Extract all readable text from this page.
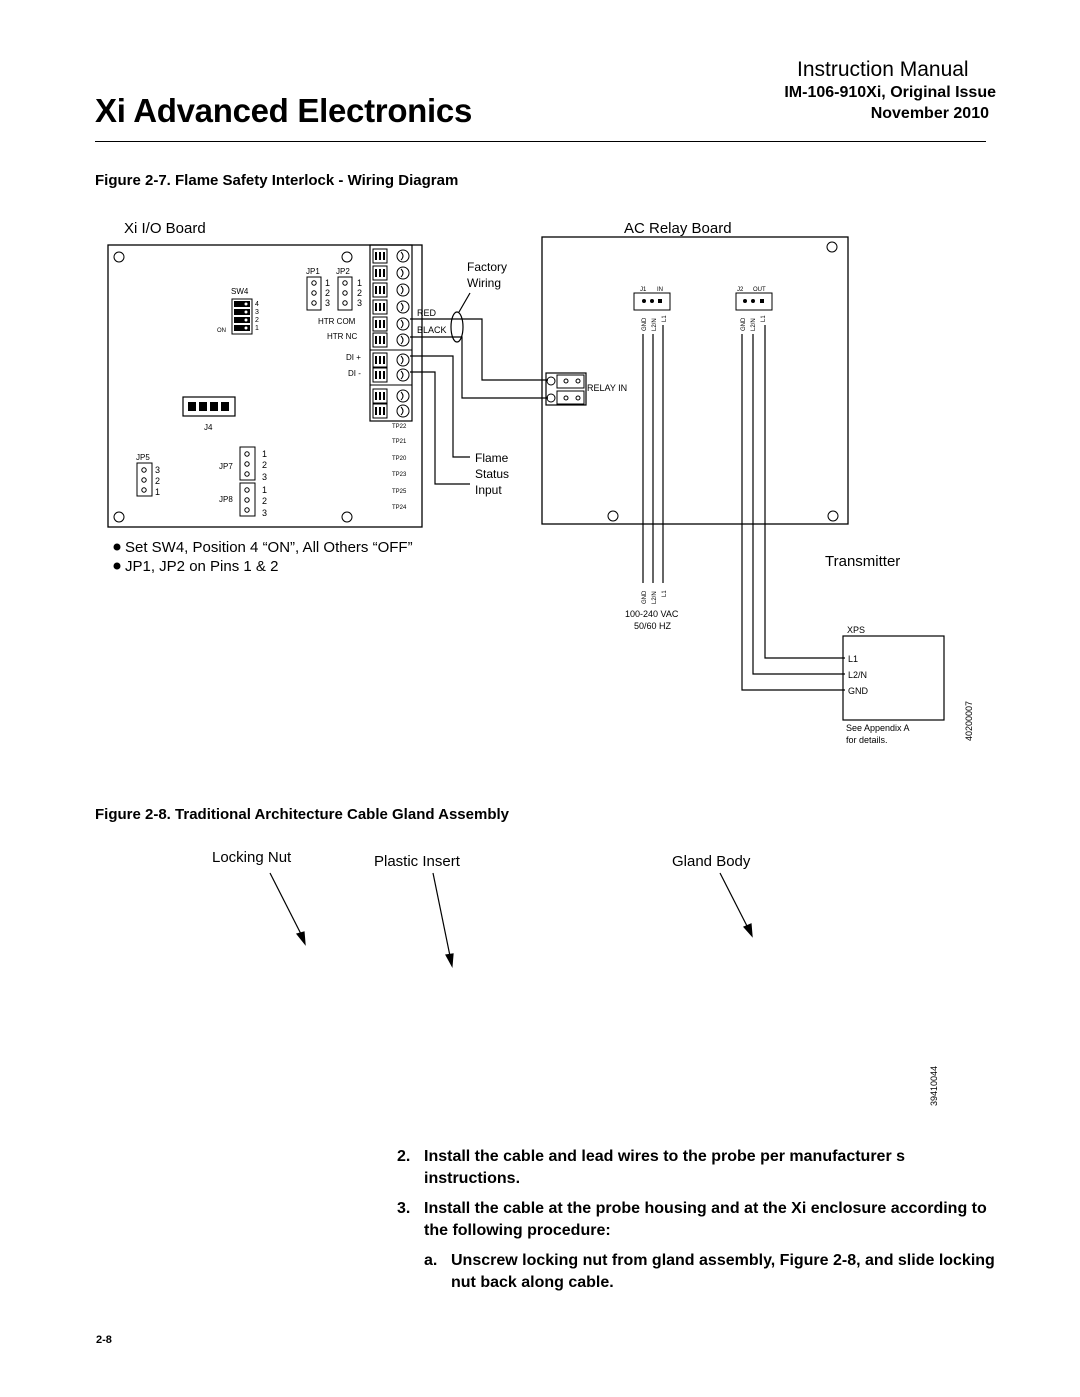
Xi Advanced Electronics
Instruction Manual
IM-106-910Xi, Original Issue
November 2010
Figure 2-7. Flame Safety Interlock - Wiring Diagram
Xi I/O Board
SW4
4
3
2
1
ON
JP1 JP2
1
2
3
1
2
3
HTR COM
HTR NC
DI +
DI -
J4	TP22
TP21
TP20
TP23
TP25
TP24
JP5
3
2
1
JP7
1
2
3
JP8
1
2
3
Factory
Wiring
RED
BLACK
Flame
Status
Input
AC Relay Board
J1 IN	J2 OUT
RELAY IN
GND L2/N L1	GND L2/N L1
GND L2/N L1
100-240 VAC
50/60 HZ
Set SW4, Position 4 “ON”, All Others “OFF”
JP1, JP2 on Pins 1 & 2	Transmitter
XPS
L1
L2/N
GND
See Appendix A
for details.	40200007
Figure 2-8. Traditional Architecture Cable Gland Assembly
Locking Nut	Plastic Insert	Gland Body
39410044
2. Install the cable and lead wires to the probe per manufacturer s instructions.
3. Install the cable at the probe housing and at the Xi enclosure according to the following procedure:
a. Unscrew locking nut from gland assembly, Figure 2-8, and slide locking nut back along cable.
2-8
